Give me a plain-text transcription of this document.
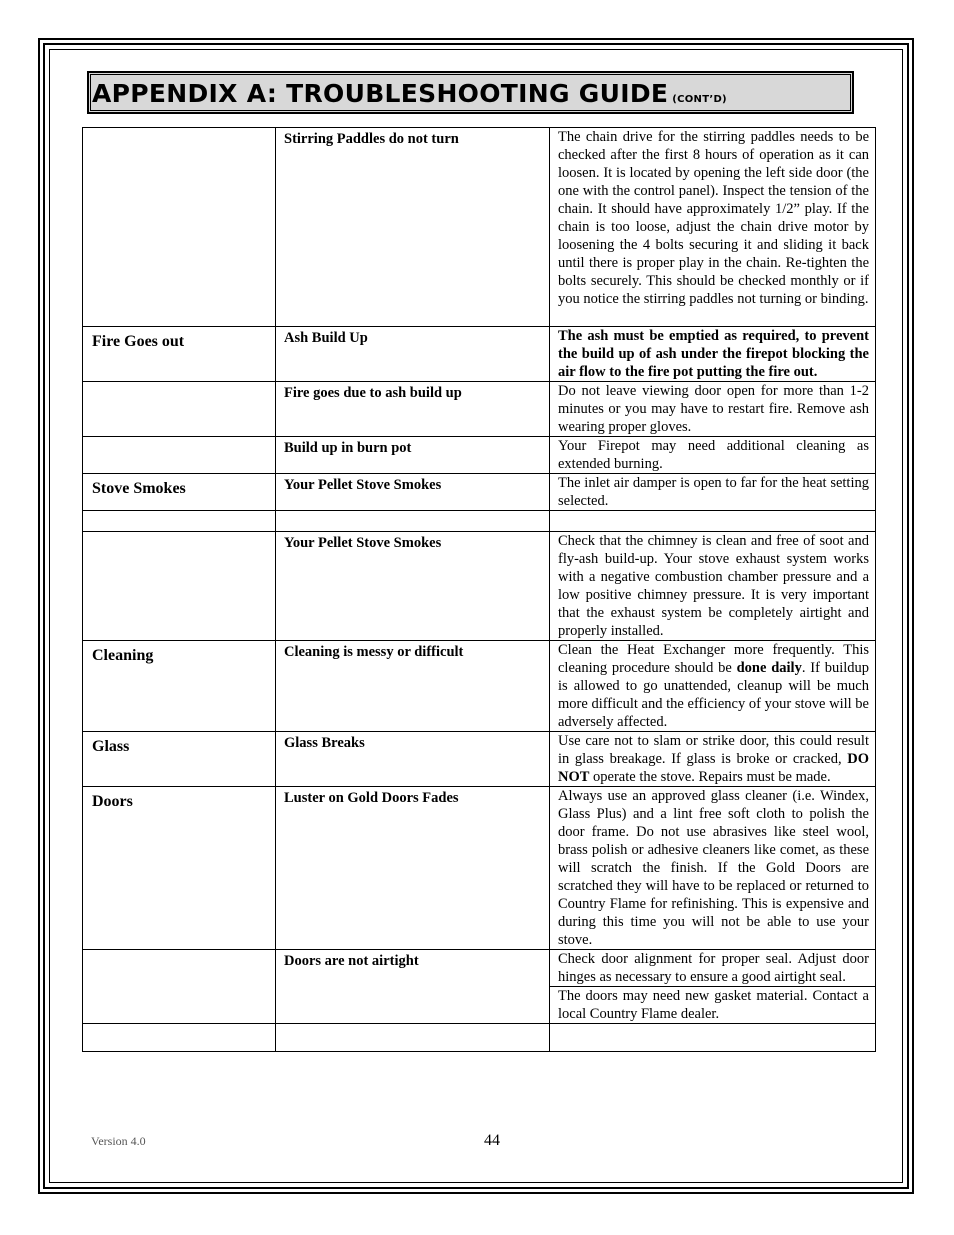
APPENDIX A: TROUBLESHOOTING GUIDE (CONT’D)
	Stirring Paddles do not turn	The chain drive for the stirring paddles needs to be checked after the first 8 hours of operation as it can loosen. It is located by opening the left side door (the one with the control panel). Inspect the tension of the chain. It should have approximately 1/2” play. If the chain is too loose, adjust the chain drive motor by loosening the 4 bolts securing it and sliding it back until there is proper play in the chain. Re-tighten the bolts securely. This should be checked monthly or if you notice the stirring paddles not turning or binding.
Fire Goes out	Ash Build Up	The ash must be emptied as required, to prevent the build up of ash under the firepot blocking the air flow to the fire pot putting the fire out.
	Fire goes due to ash build up	Do not leave viewing door open for more than 1-2 minutes or you may have to restart fire. Remove ash wearing proper gloves.
	Build up in burn pot	Your Firepot may need additional cleaning as extended burning.
Stove Smokes	Your Pellet Stove Smokes	The inlet air damper is open to far for the heat setting selected.

	Your Pellet Stove Smokes	Check that the chimney is clean and free of soot and fly-ash build-up. Your stove exhaust system works with a negative combustion chamber pressure and a low positive chimney pressure. It is very important that the exhaust system be completely airtight and properly installed.
Cleaning	Cleaning is messy or difficult	Clean the Heat Exchanger more frequently. This cleaning procedure should be done daily. If buildup is allowed to go unattended, cleanup will be much more difficult and the efficiency of your stove will be adversely affected.
Glass	Glass Breaks	Use care not to slam or strike door, this could result in glass breakage. If glass is broke or cracked, DO NOT operate the stove. Repairs must be made.
Doors	Luster on Gold Doors Fades	Always use an approved glass cleaner (i.e. Windex, Glass Plus) and a lint free soft cloth to polish the door frame. Do not use abrasives like steel wool, brass polish or adhesive cleaners like comet, as these will scratch the finish. If the Gold Doors are scratched they will have to be replaced or returned to Country Flame for refinishing. This is expensive and during this time you will not be able to use your stove.
	Doors are not airtight	Check door alignment for proper seal. Adjust door hinges as necessary to ensure a good airtight seal.
		The doors may need new gasket material. Contact a local Country Flame dealer.

Version 4.0	44
